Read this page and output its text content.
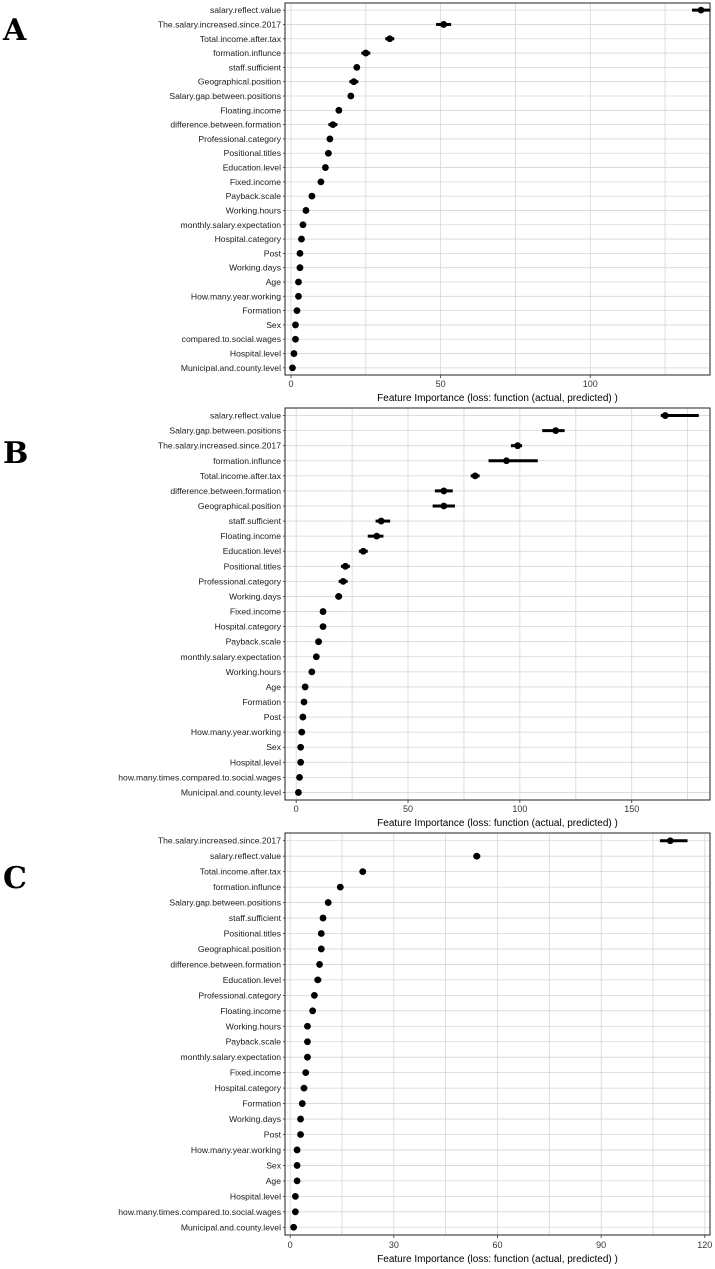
A
salary.reflect.value
The.salary.increased.since.2017
Total.income.after.tax
formation.influnce
staff.sufficient
Geographical.position
Salary.gap.between.positions
Floating.income
difference.between.formation
Professional.category
Positional.titles
Education.level
Fixed.income
Payback.scale
Working.hours
monthly.salary.expectation
Hospital.category
Post
Working.days
Age
How.many.year.working
Formation
Sex
compared.to.social.wages
Hospital.level
Municipal.and.county.level
0	50	100
Feature Importance (loss: function (actual, predicted) )
B
salary.reflect.value
Salary.gap.between.positions
The.salary.increased.since.2017
formation.influnce
Total.income.after.tax
difference.between.formation
Geographical.position
staff.sufficient
Floating.income
Education.level
Positional.titles
Professional.category
Working.days
Fixed.income
Hospital.category
Payback.scale
monthly.salary.expectation
Working.hours
Age
Formation
Post
How.many.year.working
Sex
Hospital.level
how.many.times.compared.to.social.wages
Municipal.and.county.level
0	50	100	150
Feature Importance (loss: function (actual, predicted) )
C
The.salary.increased.since.2017
salary.reflect.value
Total.income.after.tax
formation.influnce
Salary.gap.between.positions
staff.sufficient
Positional.titles
Geographical.position
difference.between.formation
Education.level
Professional.category
Floating.income
Working.hours
Payback.scale
monthly.salary.expectation
Fixed.income
Hospital.category
Formation
Working.days
Post
How.many.year.working
Sex
Age
Hospital.level
how.many.times.compared.to.social.wages
Municipal.and.county.level
0	30	60	90	120
Feature Importance (loss: function (actual, predicted) )
